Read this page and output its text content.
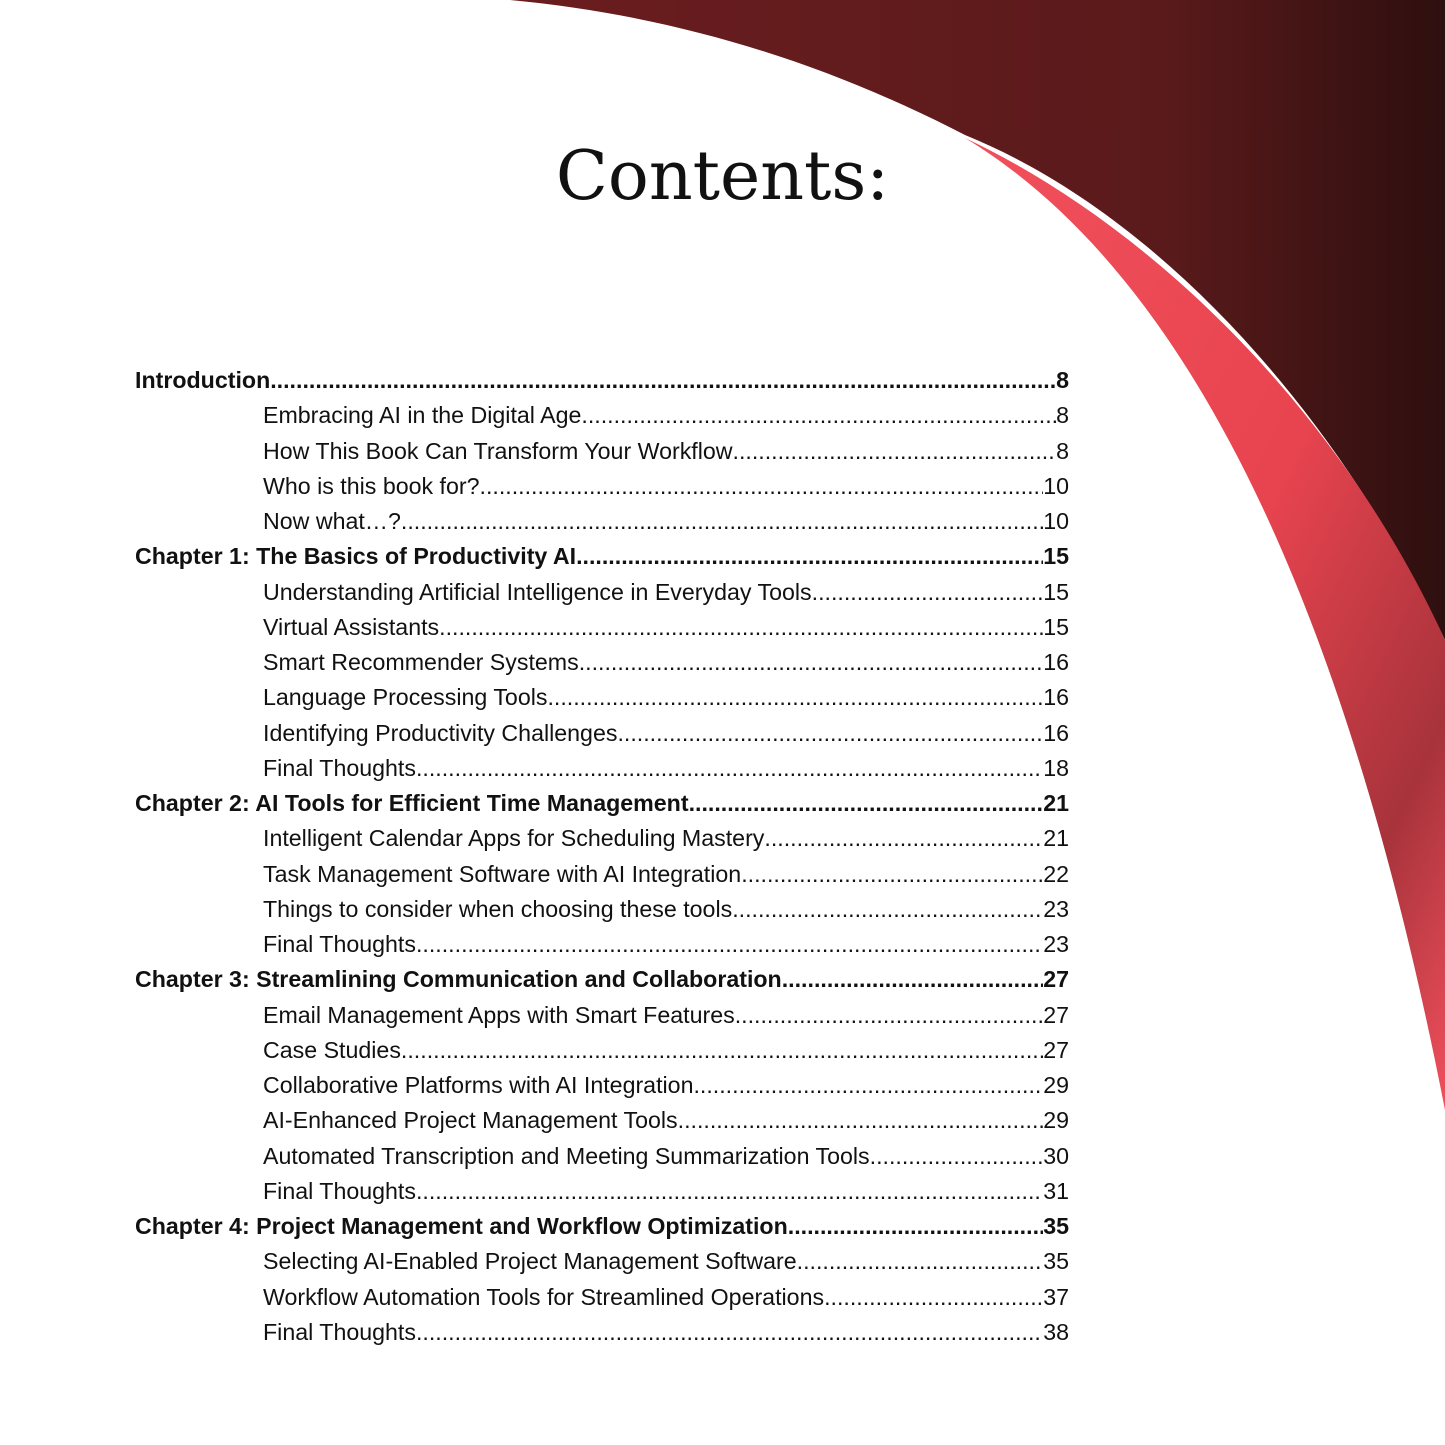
Contents:
Introduction .....	8
Embracing AI in the Digital Age .....	8
How This Book Can Transform Your Workflow .....	8
Who is this book for? .....	10
Now what…? .....	10
Chapter 1: The Basics of Productivity AI .....	15
Understanding Artificial Intelligence in Everyday Tools .....	15
Virtual Assistants .....	15
Smart Recommender Systems .....	16
Language Processing Tools .....	16
Identifying Productivity Challenges .....	16
Final Thoughts .....	18
Chapter 2: AI Tools for Efficient Time Management .....	21
Intelligent Calendar Apps for Scheduling Mastery .....	21
Task Management Software with AI Integration .....	22
Things to consider when choosing these tools .....	23
Final Thoughts .....	23
Chapter 3: Streamlining Communication and Collaboration .....	27
Email Management Apps with Smart Features .....	27
Case Studies .....	27
Collaborative Platforms with AI Integration .....	29
AI-Enhanced Project Management Tools .....	29
Automated Transcription and Meeting Summarization Tools .....	30
Final Thoughts .....	31
Chapter 4: Project Management and Workflow Optimization .....	35
Selecting AI-Enabled Project Management Software .....	35
Workflow Automation Tools for Streamlined Operations .....	37
Final Thoughts .....	38
